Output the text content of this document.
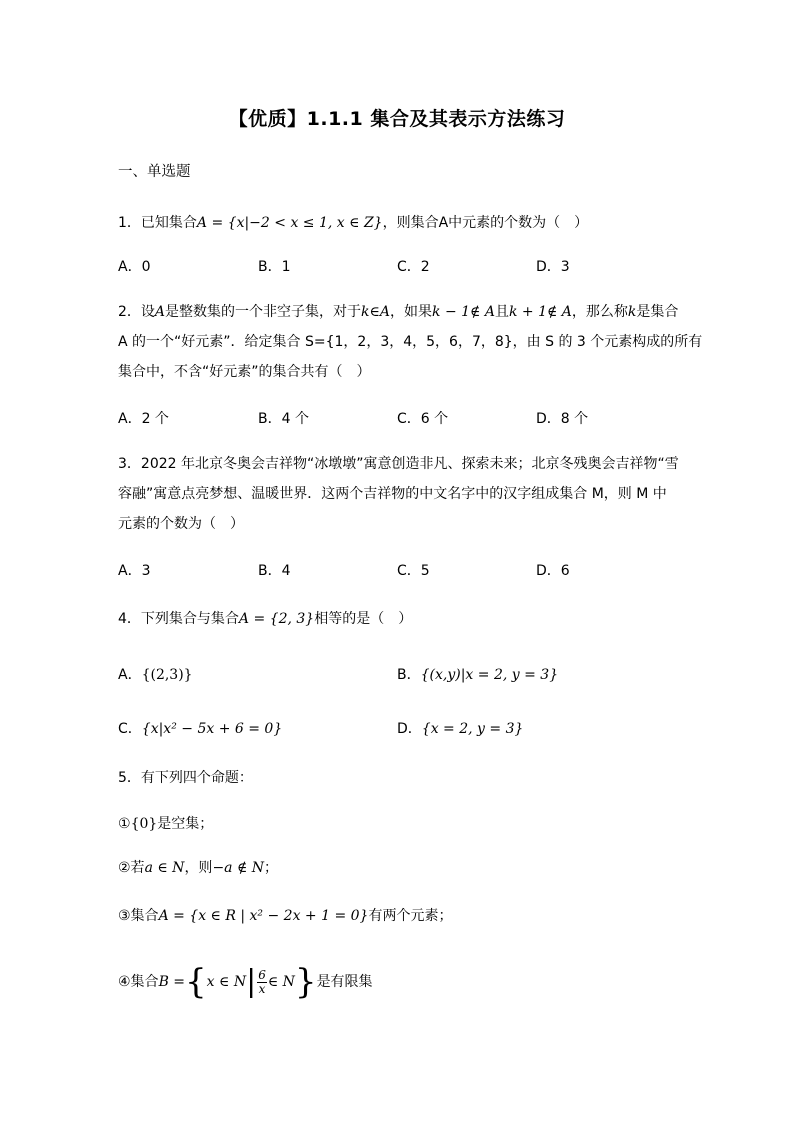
【优质】1.1.1 集合及其表示方法练习
一、单选题
1．已知集合A = {x|−2 < x ≤ 1, x ∈ Z}，则集合A中元素的个数为（　）
A．0	B．1	C．2	D．3
2．设A是整数集的一个非空子集，对于k∈A，如果k − 1∉ A且k + 1∉ A，那么称k是集合
A 的一个“好元素”．给定集合 S={1，2，3，4，5，6，7，8}，由 S 的 3 个元素构成的所有
集合中，不含“好元素”的集合共有（　）
A．2 个	B．4 个	C．6 个	D．8 个
3．2022 年北京冬奥会吉祥物“冰墩墩”寓意创造非凡、探索未来；北京冬残奥会吉祥物“雪
容融”寓意点亮梦想、温暖世界．这两个吉祥物的中文名字中的汉字组成集合 M，则 M 中
元素的个数为（　）
A．3	B．4	C．5	D．6
4．下列集合与集合A = {2, 3}相等的是（　）
A．{(2,3)}	B．{(x,y)|x = 2, y = 3}
C．{x|x² − 5x + 6 = 0}	D．{x = 2, y = 3}
5．有下列四个命题：
①{0}是空集；
②若a ∈ N，则−a ∉ N；
③集合A = {x ∈ R | x² − 2x + 1 = 0}有两个元素；
④集合B ={x ∈ $N| \frac{6}{x}$ ∈ N}是有限集
